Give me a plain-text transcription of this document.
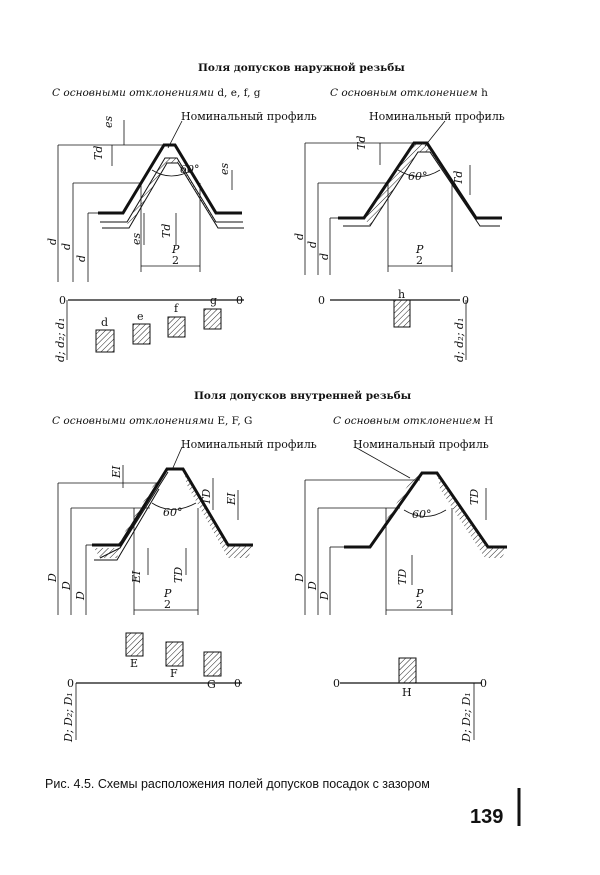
60°
es
Td
es
Td
es
d
d
d
P
2
0	0
d; d₂; d₁	d	e
f
g
60°
Td
Td
d
d
d
P
2
0	0
h
d; d₂; d₁
60°
EI
TD EI
EI	TD
D
D
D	P
2
0	0
E
F
G
D; D₂; D₁
60°
TD
TD
D
D
D	P
2
0	0
H	D; D₂; D₁
Поля допусков наружной резьбы
С основными отклонениями d, e, f, g	С основным отклонением h
Номинальный профиль	Номинальный профиль
Поля допусков внутренней резьбы
С основными отклонениями E, F, G	С основным отклонением H
Номинальный профиль	Номинальный профиль
Рис. 4.5. Схемы расположения полей допусков посадок с зазором
139
